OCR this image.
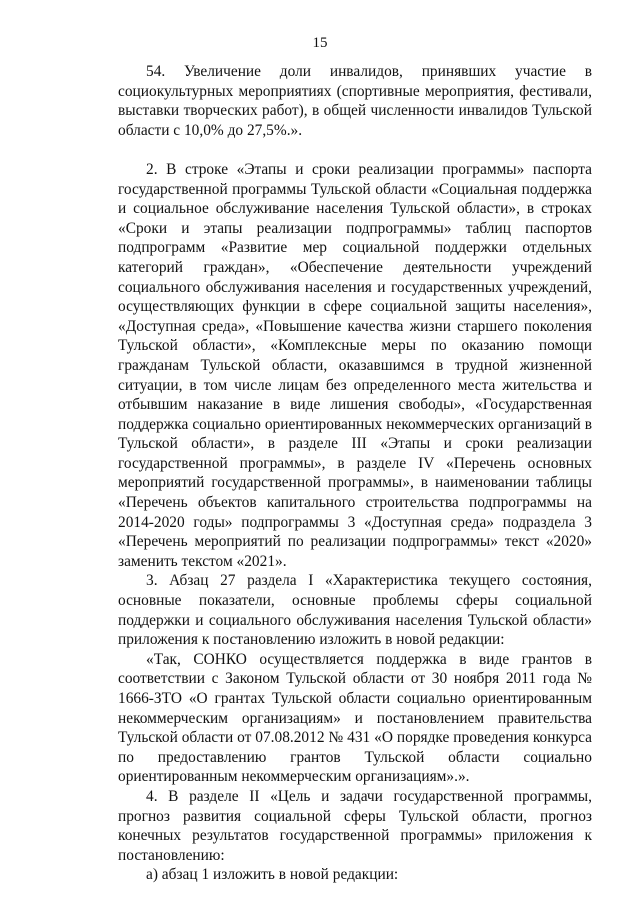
15

54. Увеличение доли инвалидов, принявших участие в социокультурных мероприятиях (спортивные мероприятия, фестивали, выставки творческих работ), в общей численности инвалидов Тульской области с 10,0% до 27,5%.».

2. В строке «Этапы и сроки реализации программы» паспорта государственной программы Тульской области «Социальная поддержка и социальное обслуживание населения Тульской области», в строках «Сроки и этапы реализации подпрограммы» таблиц паспортов подпрограмм «Развитие мер социальной поддержки отдельных категорий граждан», «Обеспечение деятельности учреждений социального обслуживания населения и государственных учреждений, осуществляющих функции в сфере социальной защиты населения», «Доступная среда», «Повышение качества жизни старшего поколения Тульской области», «Комплексные меры по оказанию помощи гражданам Тульской области, оказавшимся в трудной жизненной ситуации, в том числе лицам без определенного места жительства и отбывшим наказание в виде лишения свободы», «Государственная поддержка социально ориентированных некоммерческих организаций в Тульской области», в разделе III «Этапы и сроки реализации государственной программы», в разделе IV «Перечень основных мероприятий государственной программы», в наименовании таблицы «Перечень объектов капитального строительства подпрограммы на 2014-2020 годы» подпрограммы 3 «Доступная среда» подраздела 3 «Перечень мероприятий по реализации подпрограммы» текст «2020» заменить текстом «2021».

3. Абзац 27 раздела I «Характеристика текущего состояния, основные показатели, основные проблемы сферы социальной поддержки и социального обслуживания населения Тульской области» приложения к постановлению изложить в новой редакции:

«Так, СОНКО осуществляется поддержка в виде грантов в соответствии с Законом Тульской области от 30 ноября 2011 года № 1666-ЗТО «О грантах Тульской области социально ориентированным некоммерческим организациям» и постановлением правительства Тульской области от 07.08.2012 № 431 «О порядке проведения конкурса по предоставлению грантов Тульской области социально ориентированным некоммерческим организациям».».

4. В разделе II «Цель и задачи государственной программы, прогноз развития социальной сферы Тульской области, прогноз конечных результатов государственной программы» приложения к постановлению:

а) абзац 1 изложить в новой редакции:
